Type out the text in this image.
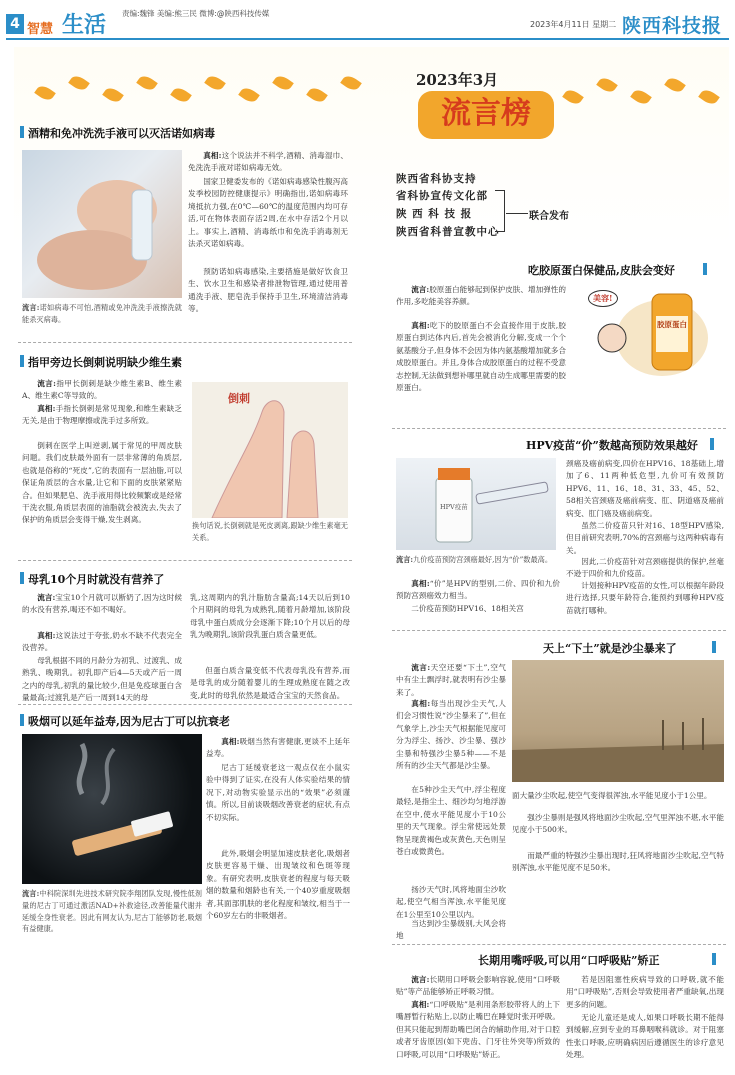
4 智慧 生活 责编:魏锋 美编:熊三民 微博:@陕西科技传媒
2023年4月11日 星期二 陕西科技报
2023年3月
流言榜
陕西省科协支持
省科协宣传文化部
陕 西 科 技 报
陕西省科普宣教中心
联合发布
酒精和免冲洗洗手液可以灭活诺如病毒
流言:诺如病毒不可怕,酒精或免冲洗洗手液擦洗就能杀灭病毒。
真相:这个说法并不科学,酒精、消毒湿巾、免洗洗手液对诺如病毒无效。
国家卫健委发布的《诺如病毒感染性腹泻高发季校园防控健康提示》明确指出,诺如病毒环境抵抗力强,在0℃—60℃的温度范围内均可存活,可在物体表面存活2周,在水中存活2个月以上。事实上,酒精、消毒纸巾和免洗手消毒剂无法杀灭诺如病毒。
预防诺如病毒感染,主要措施是做好饮食卫生、饮水卫生和感染者排泄物管理,通过使用普通洗手液、肥皂洗手保持手卫生,环境清洁消毒等。
指甲旁边长倒刺说明缺少维生素
流言:指甲长倒刺是缺少维生素B、维生素A、维生素C等导致的。
真相:手指长倒刺是常见现象,和维生素缺乏无关,是由于物理摩擦或洗手过多所致。
倒刺在医学上叫逆剥,属于常见的甲周皮肤问题。我们皮肤最外面有一层非常薄的角质层,也就是俗称的“死皮”,它的表面有一层油脂,可以保证角质层的含水量,让它和下面的皮肤紧紧贴合。但如果肥皂、洗手液用得比较频繁或是经常干洗衣服,角质层表面的油脂就会被洗去,失去了保护的角质层会变得干燥,发生剥离。
倒刺
换句话说,长倒刺就是死皮剥离,跟缺少维生素毫无关系。
母乳10个月时就没有营养了
流言:宝宝10个月就可以断奶了,因为这时候的水没有营养,喝还不如不喝好。
真相:这说法过于夸张,奶水不缺不代表完全没营养。
母乳根据不同的月龄分为初乳、过渡乳、成熟乳、晚期乳。初乳即产后4—5天或产后一周之内的母乳,初乳的量比较少,但是免疫球蛋白含量最高;过渡乳是产后一周到14天的母
乳,这周期内的乳汁脂肪含量高;14天以后到10个月期间的母乳为成熟乳,随着月龄增加,该阶段母乳中蛋白质成分会逐渐下降;10个月以后的母乳为晚期乳,该阶段乳蛋白质含量更低。
但蛋白质含量变低不代表母乳没有营养,而是母乳的成分随着婴儿的生理成熟度在随之改变,此时的母乳依然是最适合宝宝的天然食品。
吸烟可以延年益寿,因为尼古丁可以抗衰老
流言:中科院深圳先进技术研究院李翔团队发现,慢性低剂量的尼古丁可通过激活NAD+补救途径,改善能量代谢并延缓全身性衰老。因此有网友认为,尼古丁能够防老,吸烟有益健康。
真相:吸烟当然有害健康,更谈不上延年益寿。
尼古丁延缓衰老这一观点仅在小鼠实验中得到了证实,在没有人体实验结果的情况下,对动物实验显示出的“效果”必须谨慎。所以,目前谈吸烟改善衰老的症状,有点不切实际。
此外,吸烟会明显加速皮肤老化,吸烟者皮肤更容易干燥、出现皱纹和色斑等现象。有研究表明,皮肤衰老的程度与每天吸烟的数量和烟龄也有关,一个40岁重度吸烟者,其面部肌肤的老化程度和皱纹,相当于一个60岁左右的非吸烟者。
吃胶原蛋白保健品,皮肤会变好
流言:胶原蛋白能够起到保护皮肤、增加弹性的作用,多吃能美容养颜。
真相:吃下的胶原蛋白不会直接作用于皮肤,胶原蛋白到达体内后,首先会被消化分解,变成一个个氨基酸分子,但身体不会因为体内氨基酸增加就多合成胶原蛋白。并且,身体合成胶原蛋白的过程不受意志控制,无法做到想补哪里就自动生成哪里需要的胶原蛋白。
美容!
胶原蛋白
HPV疫苗“价”数越高预防效果越好
HPV疫苗
流言:九价疫苗预防宫颈癌最好,因为“价”数最高。
真相:“价”是HPV的型别,二价、四价和九价预防宫颈癌效力相当。
二价疫苗预防HPV16、18相关宫
颈癌及癌前病变,四价在HPV16、18基础上,增加了6、11两种低危型,九价可有效预防HPV6、11、16、18、31、33、45、52、58相关宫颈癌及癌前病变、肛、阴道癌及癌前病变、肛门癌及癌前病变。
虽然二价疫苗只针对16、18型HPV感染,但目前研究表明,70%的宫颈癌与这两种病毒有关。
因此,二价疫苗针对宫颈癌提供的保护,丝毫不逊于四价和九价疫苗。
计划接种HPV疫苗的女性,可以根据年龄段进行选择,只要年龄符合,能预约到哪种HPV疫苗就打哪种。
天上“下土”就是沙尘暴来了
流言:天空还要“下土”,空气中有尘土飘浮时,就表明有沙尘暴来了。
真相:每当出现沙尘天气,人们会习惯性说“沙尘暴来了”,但在气象学上,沙尘天气根据能见度可分为浮尘、扬沙、沙尘暴、强沙尘暴和特强沙尘暴5种——不是所有的沙尘天气都是沙尘暴。
在5种沙尘天气中,浮尘程度最轻,是指尘土、细沙均匀地浮游在空中,使水平能见度小于10公里的天气现象。浮尘常使远处景物呈现黄褐色或灰黄色,天色则呈苍白或微黄色。
扬沙天气时,风将地面尘沙吹起,使空气相当浑浊,水平能见度在1公里至10公里以内。
当达到沙尘暴级别,大风会将地
面大量沙尘吹起,使空气变得很浑浊,水平能见度小于1公里。
强沙尘暴则是强风将地面沙尘吹起,空气里浑浊不堪,水平能见度小于500米。
而最严重的特强沙尘暴出现时,狂风将地面沙尘吹起,空气特别浑浊,水平能见度不足50米。
长期用嘴呼吸,可以用“口呼吸贴”矫正
流言:长期用口呼吸会影响容貌,使用“口呼吸贴”等产品能够矫正呼吸习惯。
真相:“口呼吸贴”是利用条形胶带将人的上下嘴唇暂行粘贴上,以防止嘴巴在睡觉时张开呼吸。但其只能起到帮助嘴巴闭合的辅助作用,对于口腔或者牙齿原因(如下兜齿、门牙往外突等)所致的口呼吸,可以用“口呼吸贴”矫正。
若是因阻塞性疾病导致的口呼吸,就不能用“口呼吸贴”,否则会导致使用者严重缺氧,出现更多的问题。
无论儿童还是成人,如果口呼吸长期不能得到缓解,应到专业的耳鼻咽喉科就诊。对于阻塞性张口呼吸,应明确病因后遵循医生的诊疗意见处理。
